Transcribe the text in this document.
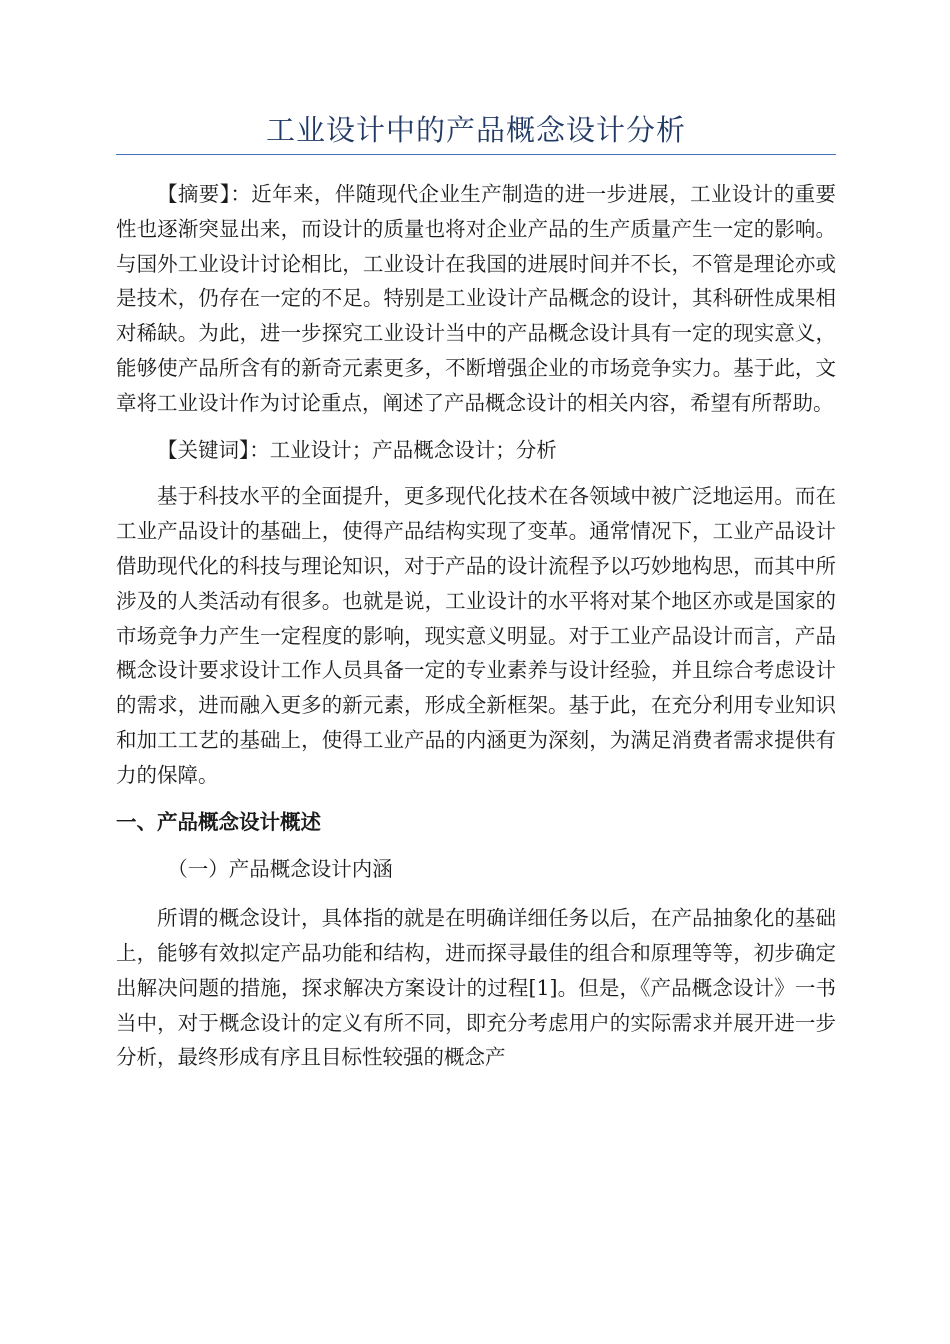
工业设计中的产品概念设计分析

【摘要】：近年来，伴随现代企业生产制造的进一步进展，工业设计的重要性也逐渐突显出来，而设计的质量也将对企业产品的生产质量产生一定的影响。与国外工业设计讨论相比，工业设计在我国的进展时间并不长，不管是理论亦或是技术，仍存在一定的不足。特别是工业设计产品概念的设计，其科研性成果相对稀缺。为此，进一步探究工业设计当中的产品概念设计具有一定的现实意义，能够使产品所含有的新奇元素更多，不断增强企业的市场竞争实力。基于此，文章将工业设计作为讨论重点，阐述了产品概念设计的相关内容，希望有所帮助。

【关键词】：工业设计；产品概念设计；分析

基于科技水平的全面提升，更多现代化技术在各领域中被广泛地运用。而在工业产品设计的基础上，使得产品结构实现了变革。通常情况下，工业产品设计借助现代化的科技与理论知识，对于产品的设计流程予以巧妙地构思，而其中所涉及的人类活动有很多。也就是说，工业设计的水平将对某个地区亦或是国家的市场竞争力产生一定程度的影响，现实意义明显。对于工业产品设计而言，产品概念设计要求设计工作人员具备一定的专业素养与设计经验，并且综合考虑设计的需求，进而融入更多的新元素，形成全新框架。基于此，在充分利用专业知识和加工工艺的基础上，使得工业产品的内涵更为深刻，为满足消费者需求提供有力的保障。

一、产品概念设计概述
（一）产品概念设计内涵

所谓的概念设计，具体指的就是在明确详细任务以后，在产品抽象化的基础上，能够有效拟定产品功能和结构，进而探寻最佳的组合和原理等等，初步确定出解决问题的措施，探求解决方案设计的过程[1]。但是，《产品概念设计》一书当中，对于概念设计的定义有所不同，即充分考虑用户的实际需求并展开进一步分析，最终形成有序且目标性较强的概念产
